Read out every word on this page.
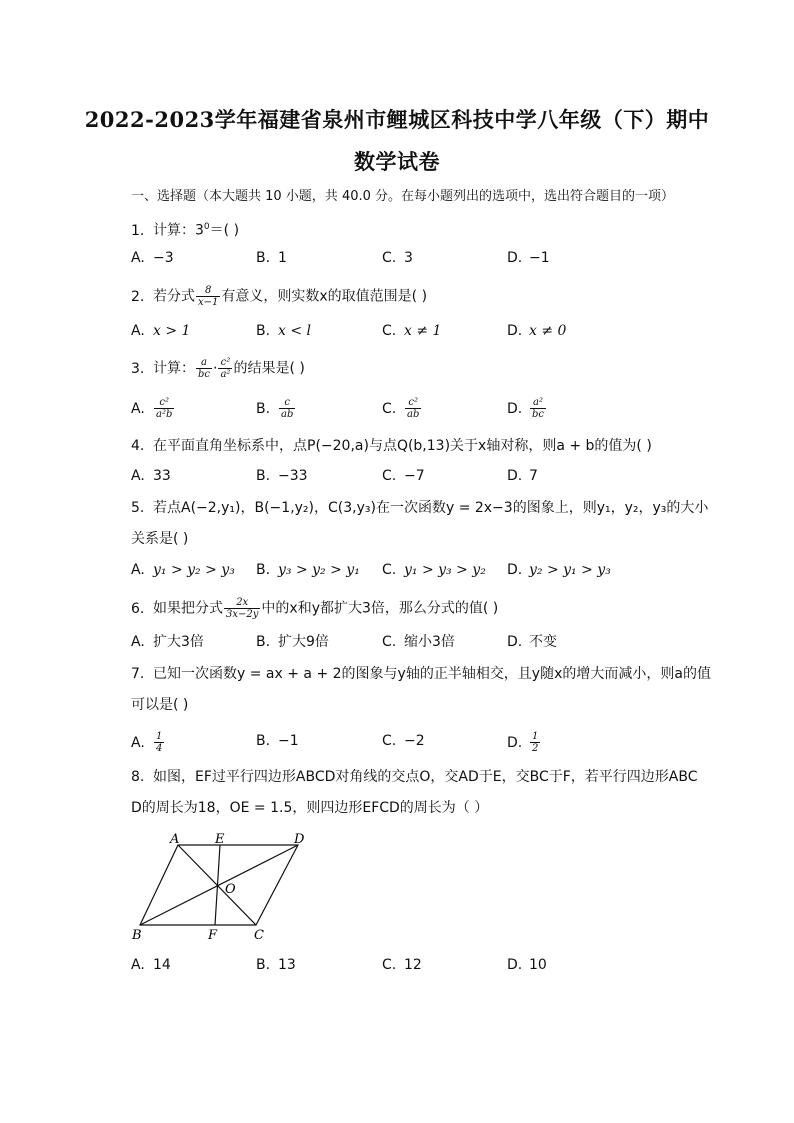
2022-2023学年福建省泉州市鲤城区科技中学八年级（下）期中
数学试卷
一、选择题（本大题共 10 小题，共 40.0 分。在每小题列出的选项中，选出符合题目的一项）
1. 计算：$3^0=$( )
A. −3	B. 1	C. 3	D. −1
2. 若分式 $\frac{8}{x-1}$ 有意义，则实数x的取值范围是( )
A. x > 1	B. x < l	C. x ≠ 1	D. x ≠ 0
3. 计算： $\frac{a}{bc} \cdot \frac{\text{c²}}{\text{a²}}$ 的结果是( )
A. $\frac{\text{c²}}{\text{a²b}}$	B. $\frac{c}{ab}$	C. $\frac{\text{c²}}{ab}$	D. $\frac{\text{a²}}{bc}$
4. 在平面直角坐标系中，点P(−20,a)与点Q(b,13)关于x轴对称，则a + b的值为( )
A. 33	B. −33	C. −7	D. 7
5. 若点A(−2,y₁)，B(−1,y₂)，C(3,y₃)在一次函数y = 2x−3的图象上，则y₁，y₂，y₃的大小
关系是( )
A. y₁ > y₂ > y₃ B. y₃ > y₂ > y₁ C. y₁ > y₃ > y₂ D. y₂ > y₁ > y₃
6. 如果把分式 $\frac{2x}{3x-2y}$ 中的x和y都扩大3倍，那么分式的值( )
A. 扩大3倍	B. 扩大9倍	C. 缩小3倍	D. 不变
7. 已知一次函数y = ax + a + 2的图象与y轴的正半轴相交，且y随x的增大而减小，则a的值
可以是( )
A. $\frac{1}{4}$	B. −1	C. −2	D. $\frac{1}{2}$
8. 如图，EF过平行四边形ABCD对角线的交点O，交AD于E，交BC于F，若平行四边形ABC
D的周长为18，OE = 1.5，则四边形EFCD的周长为（ ）
A	E	D
O
B	F	C
A. 14	B. 13	C. 12	D. 10
